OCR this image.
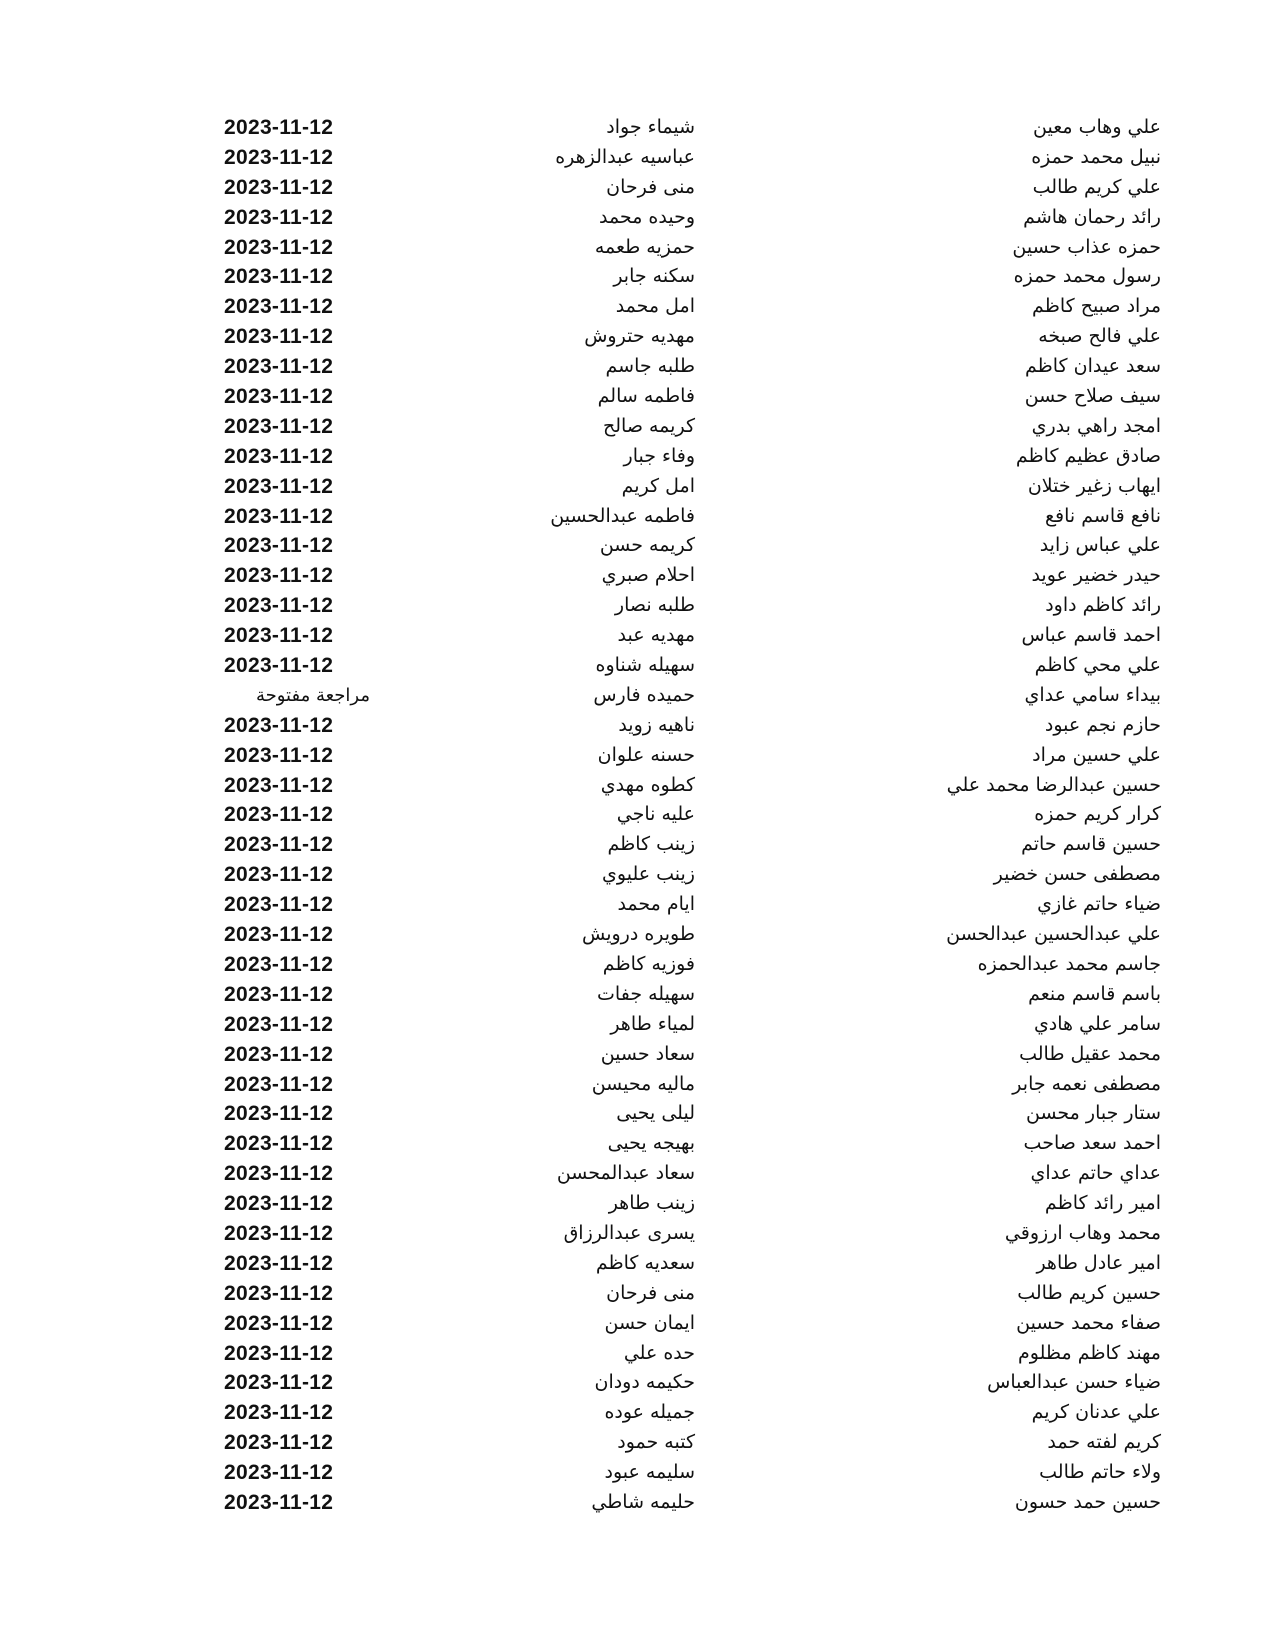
علي وهاب معين
شيماء جواد
2023-11-12
نبيل محمد حمزه
عباسيه عبدالزهره
2023-11-12
علي كريم طالب
منى فرحان
2023-11-12
رائد رحمان هاشم
وحيده محمد
2023-11-12
حمزه عذاب حسين
حمزيه طعمه
2023-11-12
رسول محمد حمزه
سكنه جابر
2023-11-12
مراد صبيح كاظم
امل محمد
2023-11-12
علي فالح صبخه
مهديه حتروش
2023-11-12
سعد عيدان كاظم
طلبه جاسم
2023-11-12
سيف صلاح حسن
فاطمه سالم
2023-11-12
امجد راهي بدري
كريمه صالح
2023-11-12
صادق عظيم كاظم
وفاء جبار
2023-11-12
ايهاب زغير ختلان
امل كريم
2023-11-12
نافع قاسم نافع
فاطمه عبدالحسين
2023-11-12
علي عباس زايد
كريمه حسن
2023-11-12
حيدر خضير عويد
احلام صبري
2023-11-12
رائد كاظم داود
طلبه نصار
2023-11-12
احمد قاسم عباس
مهديه عبد
2023-11-12
علي محي كاظم
سهيله شناوه
2023-11-12
بيداء سامي عداي
حميده فارس
مراجعة مفتوحة
حازم نجم عبود
ناهيه زويد
2023-11-12
علي حسين مراد
حسنه علوان
2023-11-12
حسين عبدالرضا محمد علي
كطوه مهدي
2023-11-12
كرار كريم حمزه
عليه ناجي
2023-11-12
حسين قاسم حاتم
زينب كاظم
2023-11-12
مصطفى حسن خضير
زينب عليوي
2023-11-12
ضياء حاتم غازي
ايام محمد
2023-11-12
علي عبدالحسين عبدالحسن
طويره درويش
2023-11-12
جاسم محمد عبدالحمزه
فوزيه كاظم
2023-11-12
باسم قاسم منعم
سهيله جفات
2023-11-12
سامر علي هادي
لمياء طاهر
2023-11-12
محمد عقيل طالب
سعاد حسين
2023-11-12
مصطفى نعمه جابر
ماليه محيسن
2023-11-12
ستار جبار محسن
ليلى يحيى
2023-11-12
احمد سعد صاحب
بهيجه يحيى
2023-11-12
عداي حاتم عداي
سعاد عبدالمحسن
2023-11-12
امير رائد كاظم
زينب طاهر
2023-11-12
محمد وهاب ارزوقي
يسرى عبدالرزاق
2023-11-12
امير عادل طاهر
سعديه كاظم
2023-11-12
حسين كريم طالب
منى فرحان
2023-11-12
صفاء محمد حسين
ايمان حسن
2023-11-12
مهند كاظم مظلوم
حده علي
2023-11-12
ضياء حسن عبدالعباس
حكيمه دودان
2023-11-12
علي عدنان كريم
جميله عوده
2023-11-12
كريم لفته حمد
كتبه حمود
2023-11-12
ولاء حاتم طالب
سليمه عبود
2023-11-12
حسين حمد حسون
حليمه شاطي
2023-11-12
